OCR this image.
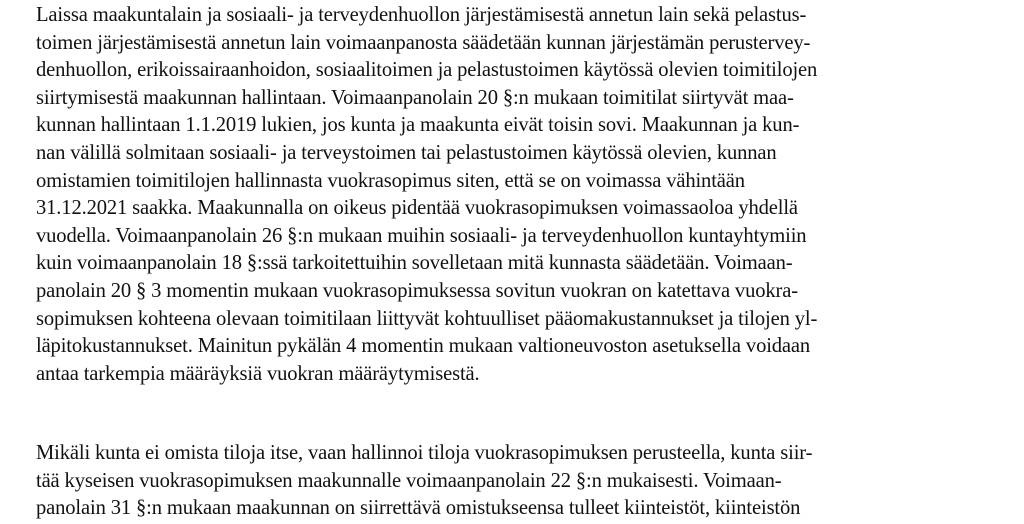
Laissa maakuntalain ja sosiaali- ja terveydenhuollon järjestämisestä annetun lain sekä pelastus-
toimen järjestämisestä annetun lain voimaanpanosta säädetään kunnan järjestämän perustervey-
denhuollon, erikoissairaanhoidon, sosiaalitoimen ja pelastustoimen käytössä olevien toimitilojen
siirtymisestä maakunnan hallintaan. Voimaanpanolain 20 §:n mukaan toimitilat siirtyvät maa-
kunnan hallintaan 1.1.2019 lukien, jos kunta ja maakunta eivät toisin sovi. Maakunnan ja kun-
nan välillä solmitaan sosiaali- ja terveystoimen tai pelastustoimen käytössä olevien, kunnan
omistamien toimitilojen hallinnasta vuokrasopimus siten, että se on voimassa vähintään
31.12.2021 saakka. Maakunnalla on oikeus pidentää vuokrasopimuksen voimassaoloa yhdellä
vuodella. Voimaanpanolain 26 §:n mukaan muihin sosiaali- ja terveydenhuollon kuntayhtymiin
kuin voimaanpanolain 18 §:ssä tarkoitettuihin sovelletaan mitä kunnasta säädetään. Voimaan-
panolain 20 § 3 momentin mukaan vuokrasopimuksessa sovitun vuokran on katettava vuokra-
sopimuksen kohteena olevaan toimitilaan liittyvät kohtuulliset pääomakustannukset ja tilojen yl-
läpitokustannukset. Mainitun pykälän 4 momentin mukaan valtioneuvoston asetuksella voidaan
antaa tarkempia määräyksiä vuokran määräytymisestä.
Mikäli kunta ei omista tiloja itse, vaan hallinnoi tiloja vuokrasopimuksen perusteella, kunta siir-
tää kyseisen vuokrasopimuksen maakunnalle voimaanpanolain 22 §:n mukaisesti. Voimaan-
panolain 31 §:n mukaan maakunnan on siirrettävä omistukseensa tulleet kiinteistöt, kiinteistön
